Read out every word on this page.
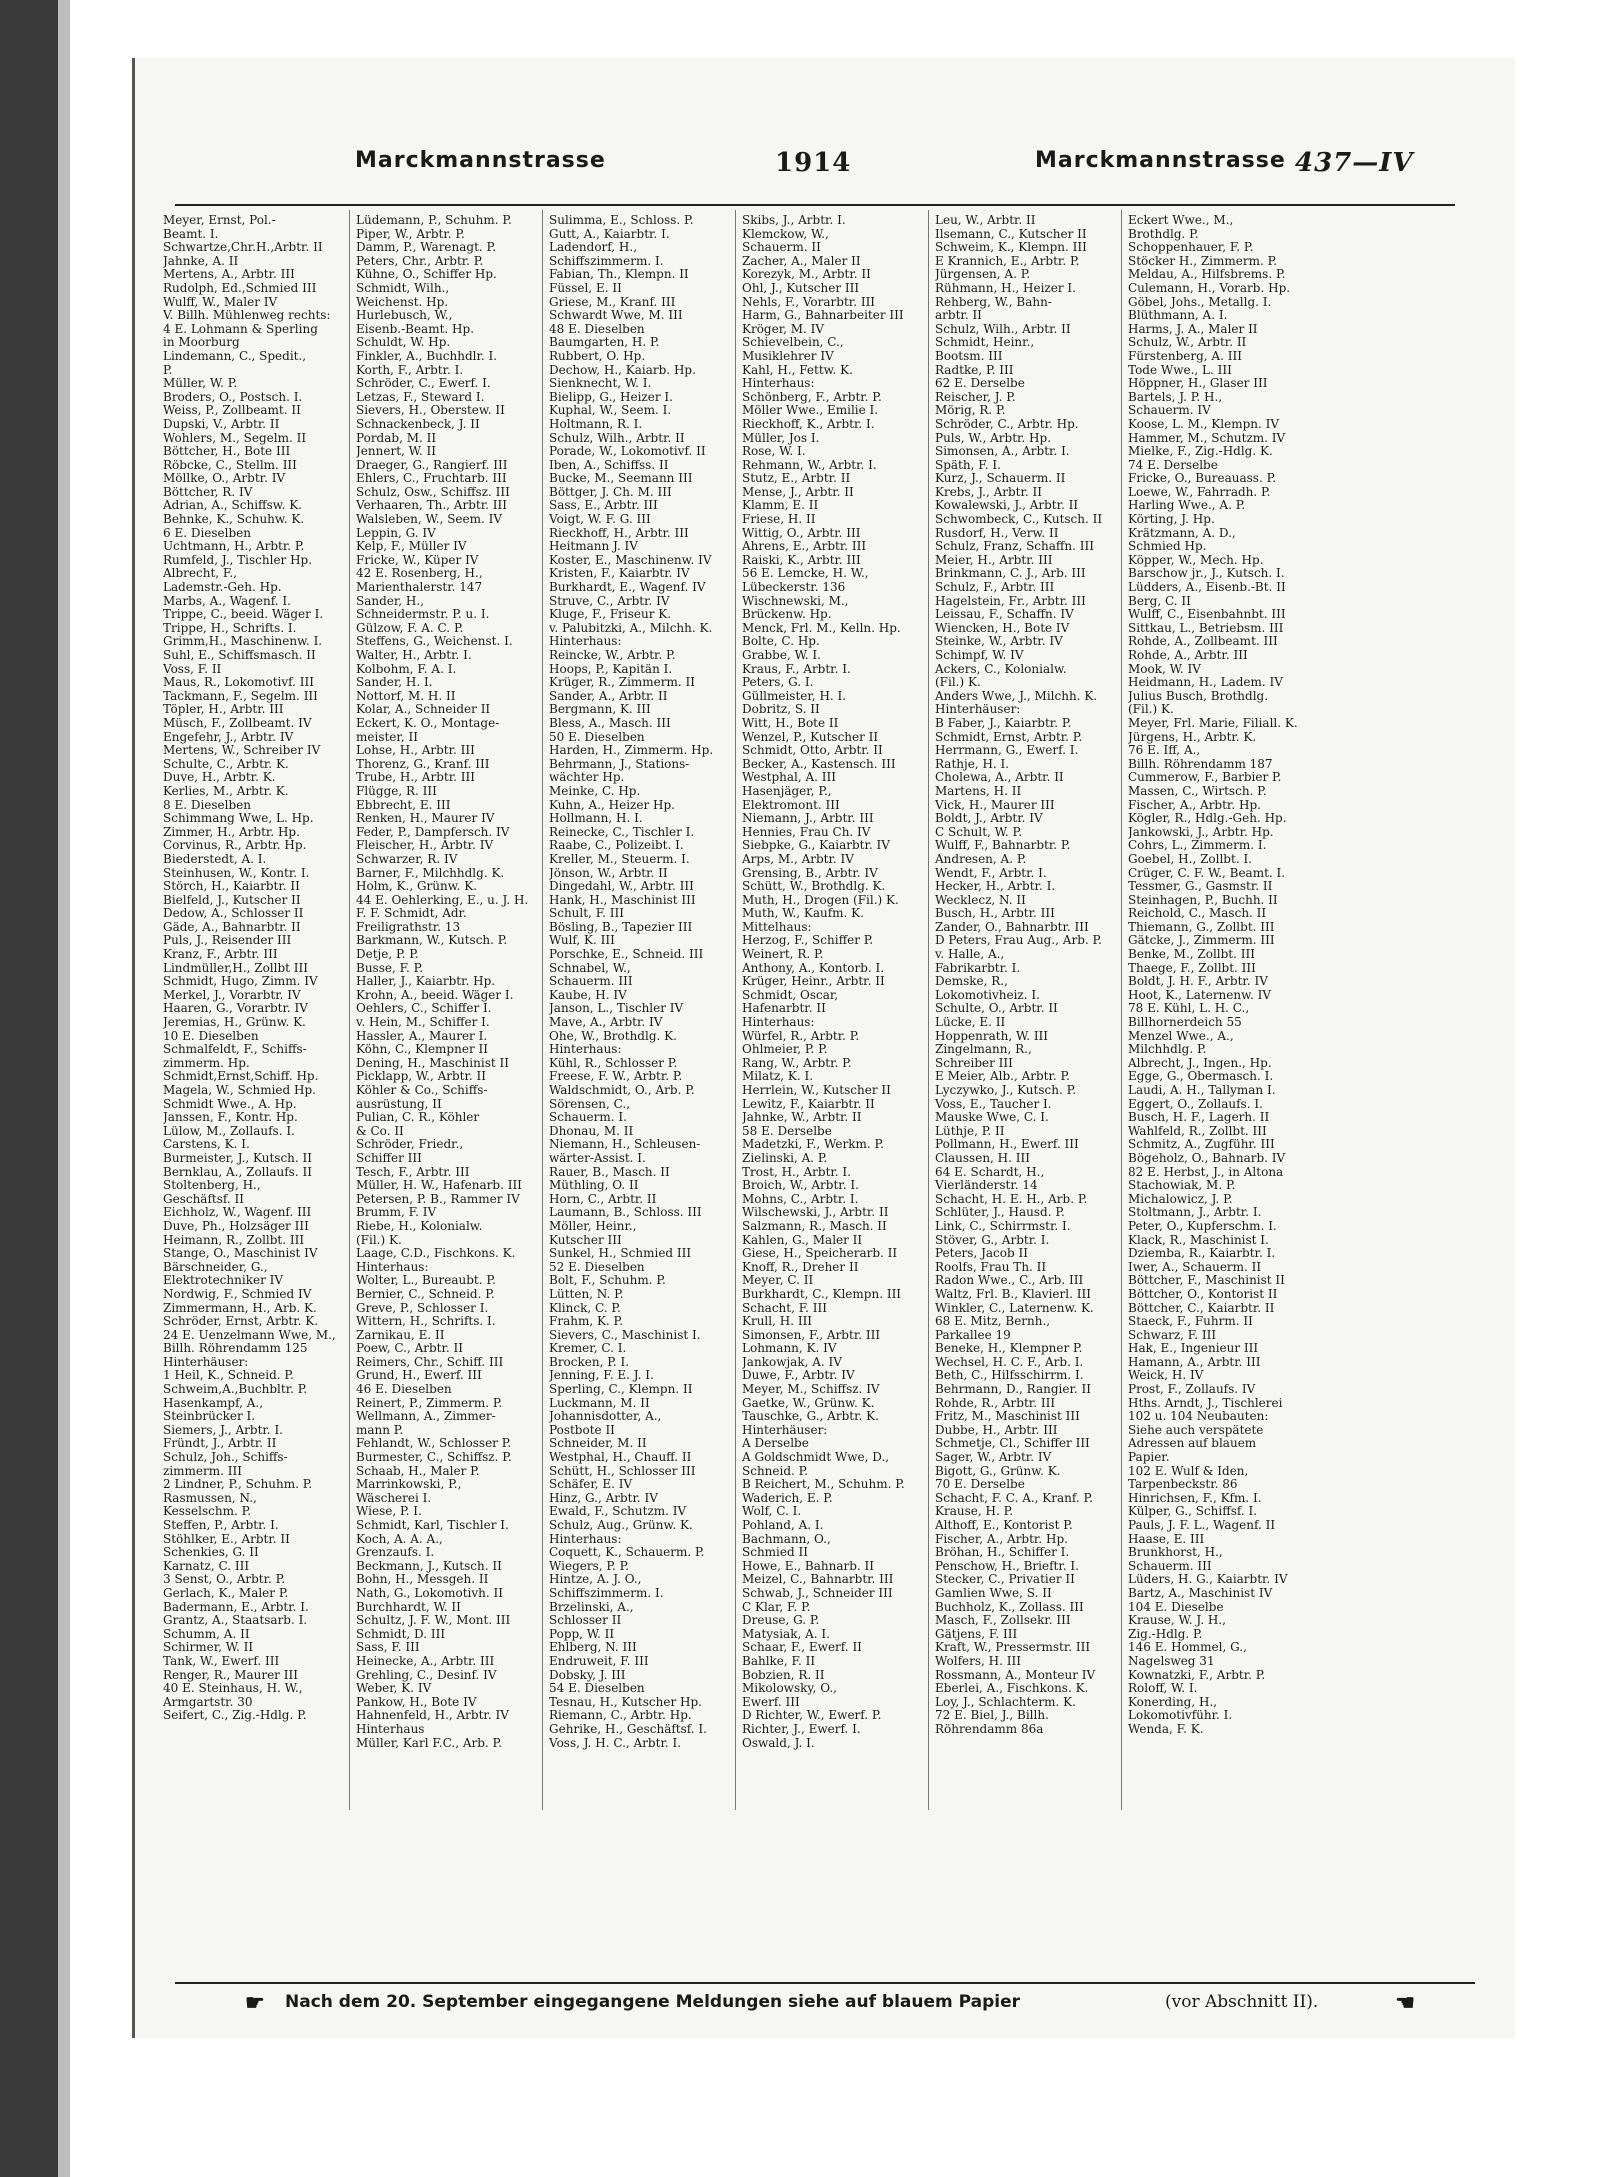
Marckmannstrasse	1914	Marckmannstrasse 437—IV
Meyer, Ernst, Pol.-
Beamt. I.
Schwartze,Chr.H.,Arbtr. II
Jahnke, A. II
Mertens, A., Arbtr. III
Rudolph, Ed.,Schmied III
Wulff, W., Maler IV
V. Billh. Mühlenweg rechts:
4 E. Lohmann & Sperling
in Moorburg
Lindemann, C., Spedit.,
P.
Müller, W. P.
Broders, O., Postsch. I.
Weiss, P., Zollbeamt. II
Dupski, V., Arbtr. II
Wohlers, M., Segelm. II
Böttcher, H., Bote III
Röbcke, C., Stellm. III
Möllke, O., Arbtr. IV
Böttcher, R. IV
Adrian, A., Schiffsw. K.
Behnke, K., Schuhw. K.
6 E. Dieselben
Uchtmann, H., Arbtr. P.
Rumfeld, J., Tischler Hp.
Albrecht, F.,
Lademstr.-Geh. Hp.
Marbs, A., Wagenf. I.
Trippe, C., beeid. Wäger I.
Trippe, H., Schrifts. I.
Grimm,H., Maschinenw. I.
Suhl, E., Schiffsmasch. II
Voss, F. II
Maus, R., Lokomotivf. III
Tackmann, F., Segelm. III
Töpler, H., Arbtr. III
Müsch, F., Zollbeamt. IV
Engefehr, J., Arbtr. IV
Mertens, W., Schreiber IV
Schulte, C., Arbtr. K.
Duve, H., Arbtr. K.
Kerlies, M., Arbtr. K.
8 E. Dieselben
Schimmang Wwe, L. Hp.
Zimmer, H., Arbtr. Hp.
Corvinus, R., Arbtr. Hp.
Biederstedt, A. I.
Steinhusen, W., Kontr. I.
Störch, H., Kaiarbtr. II
Bielfeld, J., Kutscher II
Dedow, A., Schlosser II
Gäde, A., Bahnarbtr. II
Puls, J., Reisender III
Kranz, F., Arbtr. III
Lindmüller,H., Zollbt III
Schmidt, Hugo, Zimm. IV
Merkel, J., Vorarbtr. IV
Haaren, G., Vorarbtr. IV
Jeremias, H., Grünw. K.
10 E. Dieselben
Schmalfeldt, F., Schiffs-
zimmerm. Hp.
Schmidt,Ernst,Schiff. Hp.
Magela, W., Schmied Hp.
Schmidt Wwe., A. Hp.
Janssen, F., Kontr. Hp.
Lülow, M., Zollaufs. I.
Carstens, K. I.
Burmeister, J., Kutsch. II
Bernklau, A., Zollaufs. II
Stoltenberg, H.,
Geschäftsf. II
Eichholz, W., Wagenf. III
Duve, Ph., Holzsäger III
Heimann, R., Zollbt. III
Stange, O., Maschinist IV
Bärschneider, G.,
Elektrotechniker IV
Nordwig, F., Schmied IV
Zimmermann, H., Arb. K.
Schröder, Ernst, Arbtr. K.
24 E. Uenzelmann Wwe, M.,
Billh. Röhrendamm 125
Hinterhäuser:
1 Heil, K., Schneid. P.
Schweim,A.,Buchbltr. P.
Hasenkampf, A.,
Steinbrücker I.
Siemers, J., Arbtr. I.
Fründt, J., Arbtr. II
Schulz, Joh., Schiffs-
zimmerm. III
2 Lindner, P., Schuhm. P.
Rasmussen, N.,
Kesselschm. P.
Steffen, P., Arbtr. I.
Stöhlker, E., Arbtr. II
Schenkies, G. II
Karnatz, C. III
3 Senst, O., Arbtr. P.
Gerlach, K., Maler P.
Badermann, E., Arbtr. I.
Grantz, A., Staatsarb. I.
Schumm, A. II
Schirmer, W. II
Tank, W., Ewerf. III
Renger, R., Maurer III
40 E. Steinhaus, H. W.,
Armgartstr. 30
Seifert, C., Zig.-Hdlg. P.
Lüdemann, P., Schuhm. P.
Piper, W., Arbtr. P.
Damm, P., Warenagt. P.
Peters, Chr., Arbtr. P.
Kühne, O., Schiffer Hp.
Schmidt, Wilh.,
Weichenst. Hp.
Hurlebusch, W.,
Eisenb.-Beamt. Hp.
Schuldt, W. Hp.
Finkler, A., Buchhdlr. I.
Korth, F., Arbtr. I.
Schröder, C., Ewerf. I.
Letzas, F., Steward I.
Sievers, H., Oberstew. II
Schnackenbeck, J. II
Pordab, M. II
Jennert, W. II
Draeger, G., Rangierf. III
Ehlers, C., Fruchtarb. III
Schulz, Osw., Schiffsz. III
Verhaaren, Th., Arbtr. III
Walsleben, W., Seem. IV
Leppin, G. IV
Kelp, F., Müller IV
Fricke, W., Küper IV
42 E. Rosenberg, H.,
Marienthalerstr. 147
Sander, H.,
Schneidermstr. P. u. I.
Gülzow, F. A. C. P.
Steffens, G., Weichenst. I.
Walter, H., Arbtr. I.
Kolbohm, F. A. I.
Sander, H. I.
Nottorf, M. H. II
Kolar, A., Schneider II
Eckert, K. O., Montage-
meister, II
Lohse, H., Arbtr. III
Thorenz, G., Kranf. III
Trube, H., Arbtr. III
Flügge, R. III
Ebbrecht, E. III
Renken, H., Maurer IV
Feder, P., Dampfersch. IV
Fleischer, H., Arbtr. IV
Schwarzer, R. IV
Barner, F., Milchhdlg. K.
Holm, K., Grünw. K.
44 E. Oehlerking, E., u. J. H.
F. F. Schmidt, Adr.
Freiligrathstr. 13
Barkmann, W., Kutsch. P.
Detje, P. P.
Busse, F. P.
Haller, J., Kaiarbtr. Hp.
Krohn, A., beeid. Wäger I.
Oehlers, C., Schiffer I.
v. Hein, M., Schiffer I.
Hassler, A., Maurer I.
Köhn, C., Klempner II
Dening, H., Maschinist II
Picklapp, W., Arbtr. II
Köhler & Co., Schiffs-
ausrüstung, II
Pulian, C. R., Köhler
& Co. II
Schröder, Friedr.,
Schiffer III
Tesch, F., Arbtr. III
Müller, H. W., Hafenarb. III
Petersen, P. B., Rammer IV
Brumm, F. IV
Riebe, H., Kolonialw.
(Fil.) K.
Laage, C.D., Fischkons. K.
Hinterhaus:
Wolter, L., Bureaubt. P.
Bernier, C., Schneid. P.
Greve, P., Schlosser I.
Wittern, H., Schrifts. I.
Zarnikau, E. II
Poew, C., Arbtr. II
Reimers, Chr., Schiff. III
Grund, H., Ewerf. III
46 E. Dieselben
Reinert, P., Zimmerm. P.
Wellmann, A., Zimmer-
mann P.
Fehlandt, W., Schlosser P.
Burmester, C., Schiffsz. P.
Schaab, H., Maler P.
Marrinkowski, P.,
Wäscherei I.
Wiese, P. I.
Schmidt, Karl, Tischler I.
Koch, A. A. A.,
Grenzaufs. I.
Beckmann, J., Kutsch. II
Bohn, H., Messgeh. II
Nath, G., Lokomotivh. II
Burchhardt, W. II
Schultz, J. F. W., Mont. III
Schmidt, D. III
Sass, F. III
Heinecke, A., Arbtr. III
Grehling, C., Desinf. IV
Weber, K. IV
Pankow, H., Bote IV
Hahnenfeld, H., Arbtr. IV
Hinterhaus
Müller, Karl F.C., Arb. P.
Sulimma, E., Schloss. P.
Gutt, A., Kaiarbtr. I.
Ladendorf, H.,
Schiffszimmerm. I.
Fabian, Th., Klempn. II
Füssel, E. II
Griese, M., Kranf. III
Schwardt Wwe, M. III
48 E. Dieselben
Baumgarten, H. P.
Rubbert, O. Hp.
Dechow, H., Kaiarb. Hp.
Sienknecht, W. I.
Bielipp, G., Heizer I.
Kuphal, W., Seem. I.
Holtmann, R. I.
Schulz, Wilh., Arbtr. II
Porade, W., Lokomotivf. II
Iben, A., Schiffss. II
Bucke, M., Seemann III
Böttger, J. Ch. M. III
Sass, E., Arbtr. III
Voigt, W. F. G. III
Rieckhoff, H., Arbtr. III
Heitmann J. IV
Koster, E., Maschinenw. IV
Kristen, F., Kaiarbtr. IV
Burkhardt, E., Wagenf. IV
Struve, C., Arbtr. IV
Kluge, F., Friseur K.
v. Palubitzki, A., Milchh. K.
Hinterhaus:
Reincke, W., Arbtr. P.
Hoops, P., Kapitän I.
Krüger, R., Zimmerm. II
Sander, A., Arbtr. II
Bergmann, K. III
Bless, A., Masch. III
50 E. Dieselben
Harden, H., Zimmerm. Hp.
Behrmann, J., Stations-
wächter Hp.
Meinke, C. Hp.
Kuhn, A., Heizer Hp.
Hollmann, H. I.
Reinecke, C., Tischler I.
Raabe, C., Polizeibt. I.
Kreller, M., Steuerm. I.
Jönson, W., Arbtr. II
Dingedahl, W., Arbtr. III
Hank, H., Maschinist III
Schult, F. III
Bösling, B., Tapezier III
Wulf, K. III
Porschke, E., Schneid. III
Schnabel, W.,
Schauerm. III
Kaube, H. IV
Janson, L., Tischler IV
Mave, A., Arbtr. IV
Ohe, W., Brothdlg. K.
Hinterhaus:
Kühl, R., Schlosser P.
Freese, F. W., Arbtr. P.
Waldschmidt, O., Arb. P.
Sörensen, C.,
Schauerm. I.
Dhonau, M. II
Niemann, H., Schleusen-
wärter-Assist. I.
Rauer, B., Masch. II
Müthling, O. II
Horn, C., Arbtr. II
Laumann, B., Schloss. III
Möller, Heinr.,
Kutscher III
Sunkel, H., Schmied III
52 E. Dieselben
Bolt, F., Schuhm. P.
Lütten, N. P.
Klinck, C. P.
Frahm, K. P.
Sievers, C., Maschinist I.
Kremer, C. I.
Brocken, P. I.
Jenning, F. E. J. I.
Sperling, C., Klempn. II
Luckmann, M. II
Johannisdotter, A.,
Postbote II
Schneider, M. II
Westphal, H., Chauff. II
Schütt, H., Schlosser III
Schäfer, E. IV
Hinz, G., Arbtr. IV
Ewald, F., Schutzm. IV
Schulz, Aug., Grünw. K.
Hinterhaus:
Coquett, K., Schauerm. P.
Wiegers, P. P.
Hintze, A. J. O.,
Schiffszimmerm. I.
Brzelinski, A.,
Schlosser II
Popp, W. II
Ehlberg, N. III
Endruweit, F. III
Dobsky, J. III
54 E. Dieselben
Tesnau, H., Kutscher Hp.
Riemann, C., Arbtr. Hp.
Gehrike, H., Geschäftsf. I.
Voss, J. H. C., Arbtr. I.
Skibs, J., Arbtr. I.
Klemckow, W.,
Schauerm. II
Zacher, A., Maler II
Korezyk, M., Arbtr. II
Ohl, J., Kutscher III
Nehls, F., Vorarbtr. III
Harm, G., Bahnarbeiter III
Kröger, M. IV
Schievelbein, C.,
Musiklehrer IV
Kahl, H., Fettw. K.
Hinterhaus:
Schönberg, F., Arbtr. P.
Möller Wwe., Emilie I.
Rieckhoff, K., Arbtr. I.
Müller, Jos I.
Rose, W. I.
Rehmann, W., Arbtr. I.
Stutz, E., Arbtr. II
Mense, J., Arbtr. II
Klamm, E. II
Friese, H. II
Wittig, O., Arbtr. III
Ahrens, E., Arbtr. III
Raiski, K., Arbtr. III
56 E. Lemcke, H. W.,
Lübeckerstr. 136
Wischnewski, M.,
Brückenw. Hp.
Menck, Frl. M., Kelln. Hp.
Bolte, C. Hp.
Grabbe, W. I.
Kraus, F., Arbtr. I.
Peters, G. I.
Güllmeister, H. I.
Dobritz, S. II
Witt, H., Bote II
Wenzel, P., Kutscher II
Schmidt, Otto, Arbtr. II
Becker, A., Kastensch. III
Westphal, A. III
Hasenjäger, P.,
Elektromont. III
Niemann, J., Arbtr. III
Hennies, Frau Ch. IV
Siebpke, G., Kaiarbtr. IV
Arps, M., Arbtr. IV
Grensing, B., Arbtr. IV
Schütt, W., Brothdlg. K.
Muth, H., Drogen (Fil.) K.
Muth, W., Kaufm. K.
Mittelhaus:
Herzog, F., Schiffer P.
Weinert, R. P.
Anthony, A., Kontorb. I.
Krüger, Heinr., Arbtr. II
Schmidt, Oscar,
Hafenarbtr. II
Hinterhaus:
Würfel, R., Arbtr. P.
Ohlmeier, P. P.
Rang, W., Arbtr. P.
Milatz, K. I.
Herrlein, W., Kutscher II
Lewitz, F., Kaiarbtr. II
Jahnke, W., Arbtr. II
58 E. Derselbe
Madetzki, F., Werkm. P.
Zielinski, A. P.
Trost, H., Arbtr. I.
Broich, W., Arbtr. I.
Mohns, C., Arbtr. I.
Wilschewski, J., Arbtr. II
Salzmann, R., Masch. II
Kahlen, G., Maler II
Giese, H., Speicherarb. II
Knoff, R., Dreher II
Meyer, C. II
Burkhardt, C., Klempn. III
Schacht, F. III
Krull, H. III
Simonsen, F., Arbtr. III
Lohmann, K. IV
Jankowjak, A. IV
Duwe, F., Arbtr. IV
Meyer, M., Schiffsz. IV
Gaetke, W., Grünw. K.
Tauschke, G., Arbtr. K.
Hinterhäuser:
A Derselbe
A Goldschmidt Wwe, D.,
Schneid. P.
B Reichert, M., Schuhm. P.
Waderich, E. P.
Wolf, C. I.
Pohland, A. I.
Bachmann, O.,
Schmied II
Howe, E., Bahnarb. II
Meizel, C., Bahnarbtr. III
Schwab, J., Schneider III
C Klar, F. P.
Dreuse, G. P.
Matysiak, A. I.
Schaar, F., Ewerf. II
Bahlke, F. II
Bobzien, R. II
Mikolowsky, O.,
Ewerf. III
D Richter, W., Ewerf. P.
Richter, J., Ewerf. I.
Oswald, J. I.
Leu, W., Arbtr. II
Ilsemann, C., Kutscher II
Schweim, K., Klempn. III
E Krannich, E., Arbtr. P.
Jürgensen, A. P.
Rühmann, H., Heizer I.
Rehberg, W., Bahn-
arbtr. II
Schulz, Wilh., Arbtr. II
Schmidt, Heinr.,
Bootsm. III
Radtke, P. III
62 E. Derselbe
Reischer, J. P.
Mörig, R. P.
Schröder, C., Arbtr. Hp.
Puls, W., Arbtr. Hp.
Simonsen, A., Arbtr. I.
Späth, F. I.
Kurz, J., Schauerm. II
Krebs, J., Arbtr. II
Kowalewski, J., Arbtr. II
Schwombeck, C., Kutsch. II
Rusdorf, H., Verw. II
Schulz, Franz, Schaffn. III
Meier, H., Arbtr. III
Brinkmann, C. J., Arb. III
Schulz, F., Arbtr. III
Hagelstein, Fr., Arbtr. III
Leissau, F., Schaffn. IV
Wiencken, H., Bote IV
Steinke, W., Arbtr. IV
Schimpf, W. IV
Ackers, C., Kolonialw.
(Fil.) K.
Anders Wwe, J., Milchh. K.
Hinterhäuser:
B Faber, J., Kaiarbtr. P.
Schmidt, Ernst, Arbtr. P.
Herrmann, G., Ewerf. I.
Rathje, H. I.
Cholewa, A., Arbtr. II
Martens, H. II
Vick, H., Maurer III
Boldt, J., Arbtr. IV
C Schult, W. P.
Wulff, F., Bahnarbtr. P.
Andresen, A. P.
Wendt, F., Arbtr. I.
Hecker, H., Arbtr. I.
Wecklecz, N. II
Busch, H., Arbtr. III
Zander, O., Bahnarbtr. III
D Peters, Frau Aug., Arb. P.
v. Halle, A.,
Fabrikarbtr. I.
Demske, R.,
Lokomotivheiz. I.
Schulte, O., Arbtr. II
Lücke, E. II
Hoppenrath, W. III
Zingelmann, R.,
Schreiber III
E Meier, Alb., Arbtr. P.
Lyczywko, J., Kutsch. P.
Voss, E., Taucher I.
Mauske Wwe, C. I.
Lüthje, P. II
Pollmann, H., Ewerf. III
Claussen, H. III
64 E. Schardt, H.,
Vierländerstr. 14
Schacht, H. E. H., Arb. P.
Schlüter, J., Hausd. P.
Link, C., Schirrmstr. I.
Stöver, G., Arbtr. I.
Peters, Jacob II
Roolfs, Frau Th. II
Radon Wwe., C., Arb. III
Waltz, Frl. B., Klavierl. III
Winkler, C., Laternenw. K.
68 E. Mitz, Bernh.,
Parkallee 19
Beneke, H., Klempner P.
Wechsel, H. C. F., Arb. I.
Beth, C., Hilfsschirrm. I.
Behrmann, D., Rangier. II
Rohde, R., Arbtr. III
Fritz, M., Maschinist III
Dubbe, H., Arbtr. III
Schmetje, Cl., Schiffer III
Sager, W., Arbtr. IV
Bigott, G., Grünw. K.
70 E. Derselbe
Schacht, F. C. A., Kranf. P.
Krause, H. P.
Althoff, E., Kontorist P.
Fischer, A., Arbtr. Hp.
Bröhan, H., Schiffer I.
Penschow, H., Brieftr. I.
Stecker, C., Privatier II
Gamlien Wwe, S. II
Buchholz, K., Zollass. III
Masch, F., Zollsekr. III
Gätjens, F. III
Kraft, W., Pressermstr. III
Wolfers, H. III
Rossmann, A., Monteur IV
Eberlei, A., Fischkons. K.
Loy, J., Schlachterm. K.
72 E. Biel, J., Billh.
Röhrendamm 86a
Eckert Wwe., M.,
Brothdlg. P.
Schoppenhauer, F. P.
Stöcker H., Zimmerm. P.
Meldau, A., Hilfsbrems. P.
Culemann, H., Vorarb. Hp.
Göbel, Johs., Metallg. I.
Blüthmann, A. I.
Harms, J. A., Maler II
Schulz, W., Arbtr. II
Fürstenberg, A. III
Tode Wwe., L. III
Höppner, H., Glaser III
Bartels, J. P. H.,
Schauerm. IV
Koose, L. M., Klempn. IV
Hammer, M., Schutzm. IV
Mielke, F., Zig.-Hdlg. K.
74 E. Derselbe
Fricke, O., Bureauass. P.
Loewe, W., Fahrradh. P.
Harling Wwe., A. P.
Körting, J. Hp.
Krätzmann, A. D.,
Schmied Hp.
Köpper, W., Mech. Hp.
Barschow jr., J., Kutsch. I.
Lüdders, A., Eisenb.-Bt. II
Berg, C. II
Wulff, C., Eisenbahnbt. III
Sittkau, L., Betriebsm. III
Rohde, A., Zollbeamt. III
Rohde, A., Arbtr. III
Mook, W. IV
Heidmann, H., Ladem. IV
Julius Busch, Brothdlg.
(Fil.) K.
Meyer, Frl. Marie, Filiall. K.
Jürgens, H., Arbtr. K.
76 E. Iff, A.,
Billh. Röhrendamm 187
Cummerow, F., Barbier P.
Massen, C., Wirtsch. P.
Fischer, A., Arbtr. Hp.
Kögler, R., Hdlg.-Geh. Hp.
Jankowski, J., Arbtr. Hp.
Cohrs, L., Zimmerm. I.
Goebel, H., Zollbt. I.
Crüger, C. F. W., Beamt. I.
Tessmer, G., Gasmstr. II
Steinhagen, P., Buchh. II
Reichold, C., Masch. II
Thiemann, G., Zollbt. III
Gätcke, J., Zimmerm. III
Benke, M., Zollbt. III
Thaege, F., Zollbt. III
Boldt, J. H. F., Arbtr. IV
Hoot, K., Laternenw. IV
78 E. Kühl, L. H. C.,
Billhornerdeich 55
Menzel Wwe., A.,
Milchhdlg. P.
Albrecht, J., Ingen., Hp.
Egge, G., Obermasch. I.
Laudi, A. H., Tallyman I.
Eggert, O., Zollaufs. I.
Busch, H. F., Lagerh. II
Wahlfeld, R., Zollbt. III
Schmitz, A., Zugführ. III
Bögeholz, O., Bahnarb. IV
82 E. Herbst, J., in Altona
Stachowiak, M. P.
Michalowicz, J. P.
Stoltmann, J., Arbtr. I.
Peter, O., Kupferschm. I.
Klack, R., Maschinist I.
Dziemba, R., Kaiarbtr. I.
Iwer, A., Schauerm. II
Böttcher, F., Maschinist II
Böttcher, O., Kontorist II
Böttcher, C., Kaiarbtr. II
Staeck, F., Fuhrm. II
Schwarz, F. III
Hak, E., Ingenieur III
Hamann, A., Arbtr. III
Weick, H. IV
Prost, F., Zollaufs. IV
Hths. Arndt, J., Tischlerei
102 u. 104 Neubauten:
Siehe auch verspätete
Adressen auf blauem
Papier.
102 E. Wulf & Iden,
Tarpenbeckstr. 86
Hinrichsen, F., Kfm. I.
Külper, G., Schiffsf. I.
Pauls, J. F. L., Wagenf. II
Haase, E. III
Brunkhorst, H.,
Schauerm. III
Lüders, H. G., Kaiarbtr. IV
Bartz, A., Maschinist IV
104 E. Dieselbe
Krause, W. J. H.,
Zig.-Hdlg. P.
146 E. Hommel, G.,
Nagelsweg 31
Kownatzki, F., Arbtr. P.
Roloff, W. I.
Konerding, H.,
Lokomotivführ. I.
Wenda, F. K.
☛ Nach dem 20. September eingegangene Meldungen siehe auf blauem Papier	(vor Abschnitt II).	☚
